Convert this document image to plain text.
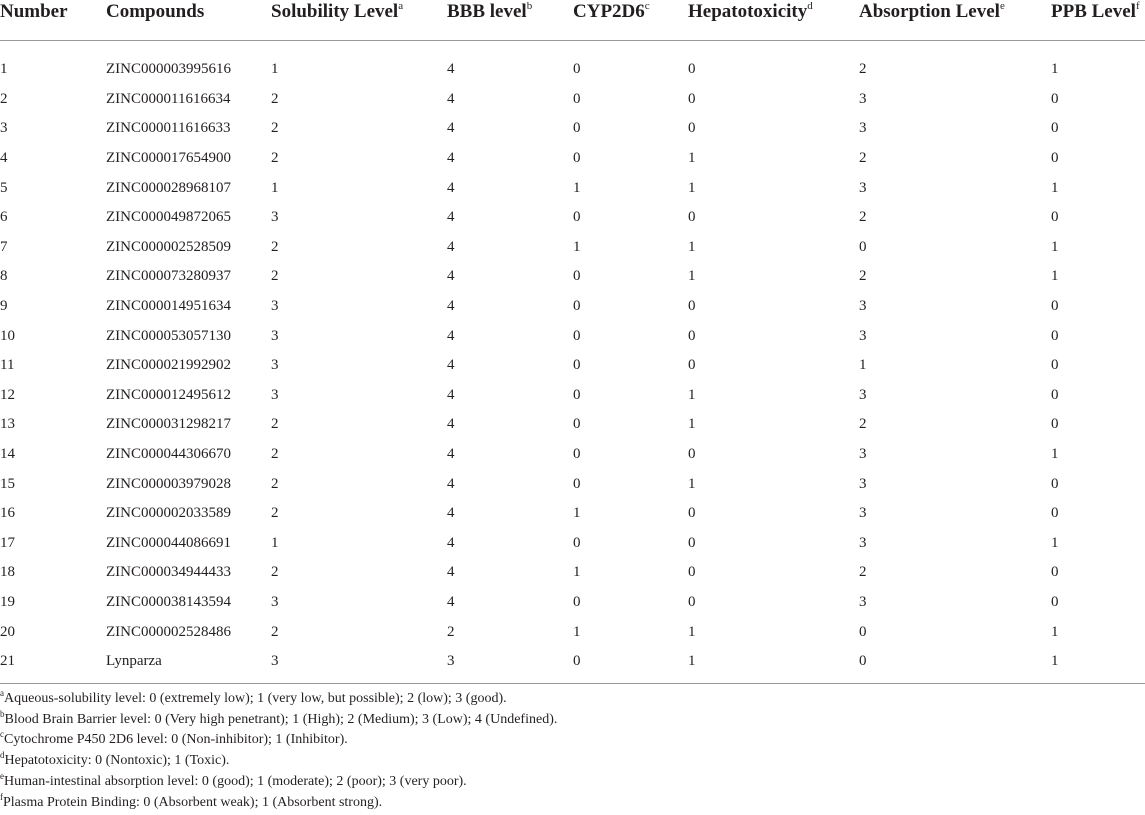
Number	Compounds	Solubility Level$^a$	BBB level$^b$	CYP2D6$^c$	Hepatotoxicity$^d$	Absorption Level$^e$	PPB Level$^f$
1	ZINC000003995616	1	4	0	0	2	1
2	ZINC000011616634	2	4	0	0	3	0
3	ZINC000011616633	2	4	0	0	3	0
4	ZINC000017654900	2	4	0	1	2	0
5	ZINC000028968107	1	4	1	1	3	1
6	ZINC000049872065	3	4	0	0	2	0
7	ZINC000002528509	2	4	1	1	0	1
8	ZINC000073280937	2	4	0	1	2	1
9	ZINC000014951634	3	4	0	0	3	0
10	ZINC000053057130	3	4	0	0	3	0
11	ZINC000021992902	3	4	0	0	1	0
12	ZINC000012495612	3	4	0	1	3	0
13	ZINC000031298217	2	4	0	1	2	0
14	ZINC000044306670	2	4	0	0	3	1
15	ZINC000003979028	2	4	0	1	3	0
16	ZINC000002033589	2	4	1	0	3	0
17	ZINC000044086691	1	4	0	0	3	1
18	ZINC000034944433	2	4	1	0	2	0
19	ZINC000038143594	3	4	0	0	3	0
20	ZINC000002528486	2	2	1	1	0	1
21	Lynparza	3	3	0	1	0	1
$^a$Aqueous-solubility level: 0 (extremely low); 1 (very low, but possible); 2 (low); 3 (good).
$^b$Blood Brain Barrier level: 0 (Very high penetrant); 1 (High); 2 (Medium); 3 (Low); 4 (Undefined).
$^c$Cytochrome P450 2D6 level: 0 (Non-inhibitor); 1 (Inhibitor).
$^d$Hepatotoxicity: 0 (Nontoxic); 1 (Toxic).
$^e$Human-intestinal absorption level: 0 (good); 1 (moderate); 2 (poor); 3 (very poor).
$^f$Plasma Protein Binding: 0 (Absorbent weak); 1 (Absorbent strong).
